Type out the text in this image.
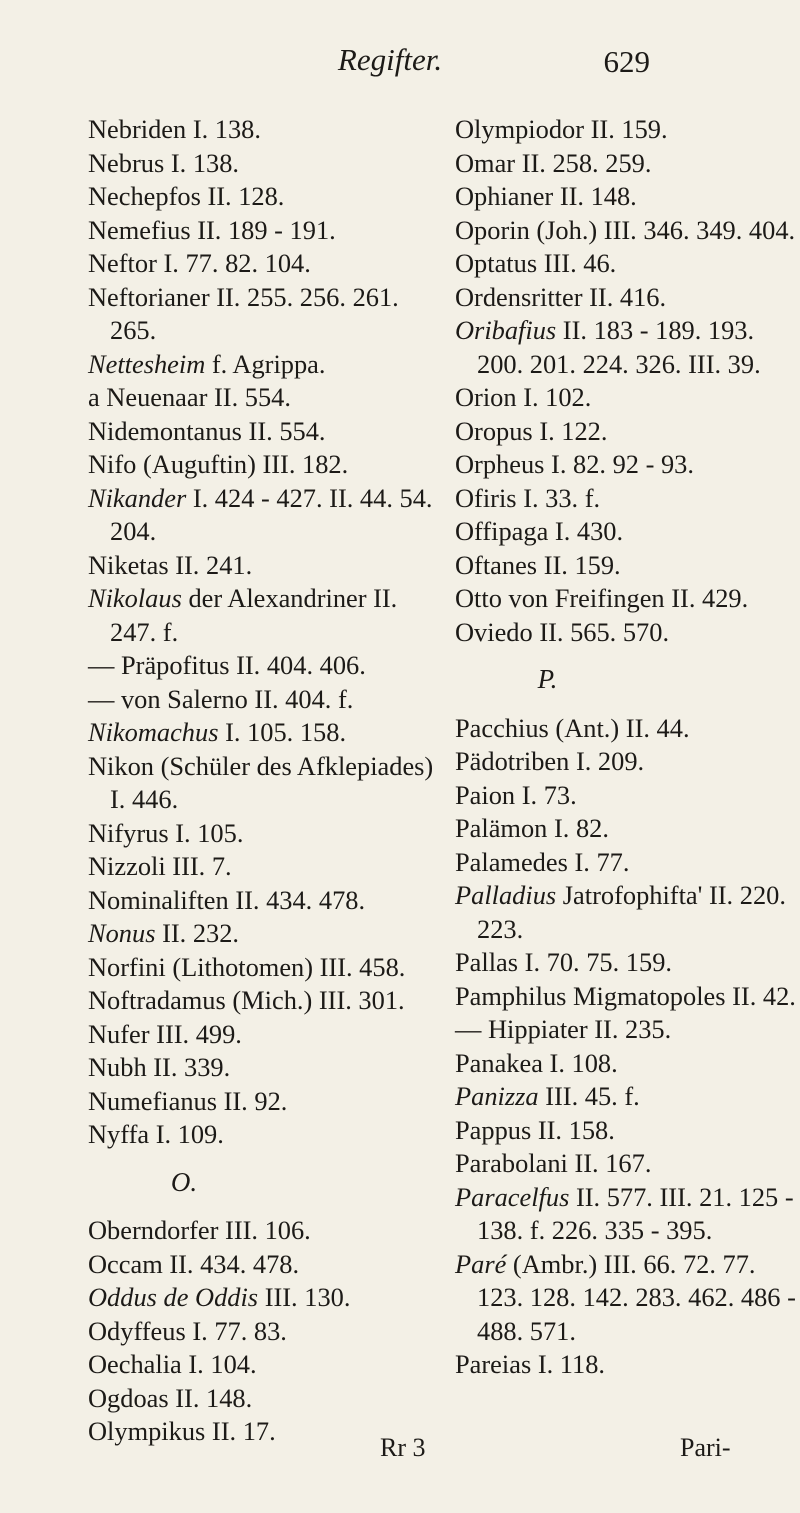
Regifter.	629
Nebriden I. 138.
Nebrus I. 138.
Nechepfos II. 128.
Nemefius II. 189 - 191.
Neftor I. 77. 82. 104.
Neftorianer II. 255. 256. 261. 265.
Nettesheim f. Agrippa.
a Neuenaar II. 554.
Nidemontanus II. 554.
Nifo (Auguftin) III. 182.
Nikander I. 424 - 427. II. 44. 54. 204.
Niketas II. 241.
Nikolaus der Alexandriner II. 247. f.
— Präpofitus II. 404. 406.
— von Salerno II. 404. f.
Nikomachus I. 105. 158.
Nikon (Schüler des Afklepiades) I. 446.
Nifyrus I. 105.
Nizzoli III. 7.
Nominaliften II. 434. 478.
Nonus II. 232.
Norfini (Lithotomen) III. 458.
Noftradamus (Mich.) III. 301.
Nufer III. 499.
Nubh II. 339.
Numefianus II. 92.
Nyffa I. 109.
O.
Oberndorfer III. 106.
Occam II. 434. 478.
Oddus de Oddis III. 130.
Odyffeus I. 77. 83.
Oechalia I. 104.
Ogdoas II. 148.
Olympikus II. 17.
Olympiodor II. 159.
Omar II. 258. 259.
Ophianer II. 148.
Oporin (Joh.) III. 346. 349. 404.
Optatus III. 46.
Ordensritter II. 416.
Oribafius II. 183 - 189. 193. 200. 201. 224. 326. III. 39.
Orion I. 102.
Oropus I. 122.
Orpheus I. 82. 92 - 93.
Ofiris I. 33. f.
Offipaga I. 430.
Oftanes II. 159.
Otto von Freifingen II. 429.
Oviedo II. 565. 570.
P.
Pacchius (Ant.) II. 44.
Pädotriben I. 209.
Paion I. 73.
Palämon I. 82.
Palamedes I. 77.
Palladius Jatrofophifta' II. 220. 223.
Pallas I. 70. 75. 159.
Pamphilus Migmatopoles II. 42.
— Hippiater II. 235.
Panakea I. 108.
Panizza III. 45. f.
Pappus II. 158.
Parabolani II. 167.
Paracelfus II. 577. III. 21. 125 - 138. f. 226. 335 - 395.
Paré (Ambr.) III. 66. 72. 77. 123. 128. 142. 283. 462. 486 - 488. 571.
Pareias I. 118.
Rr 3	Pari-
